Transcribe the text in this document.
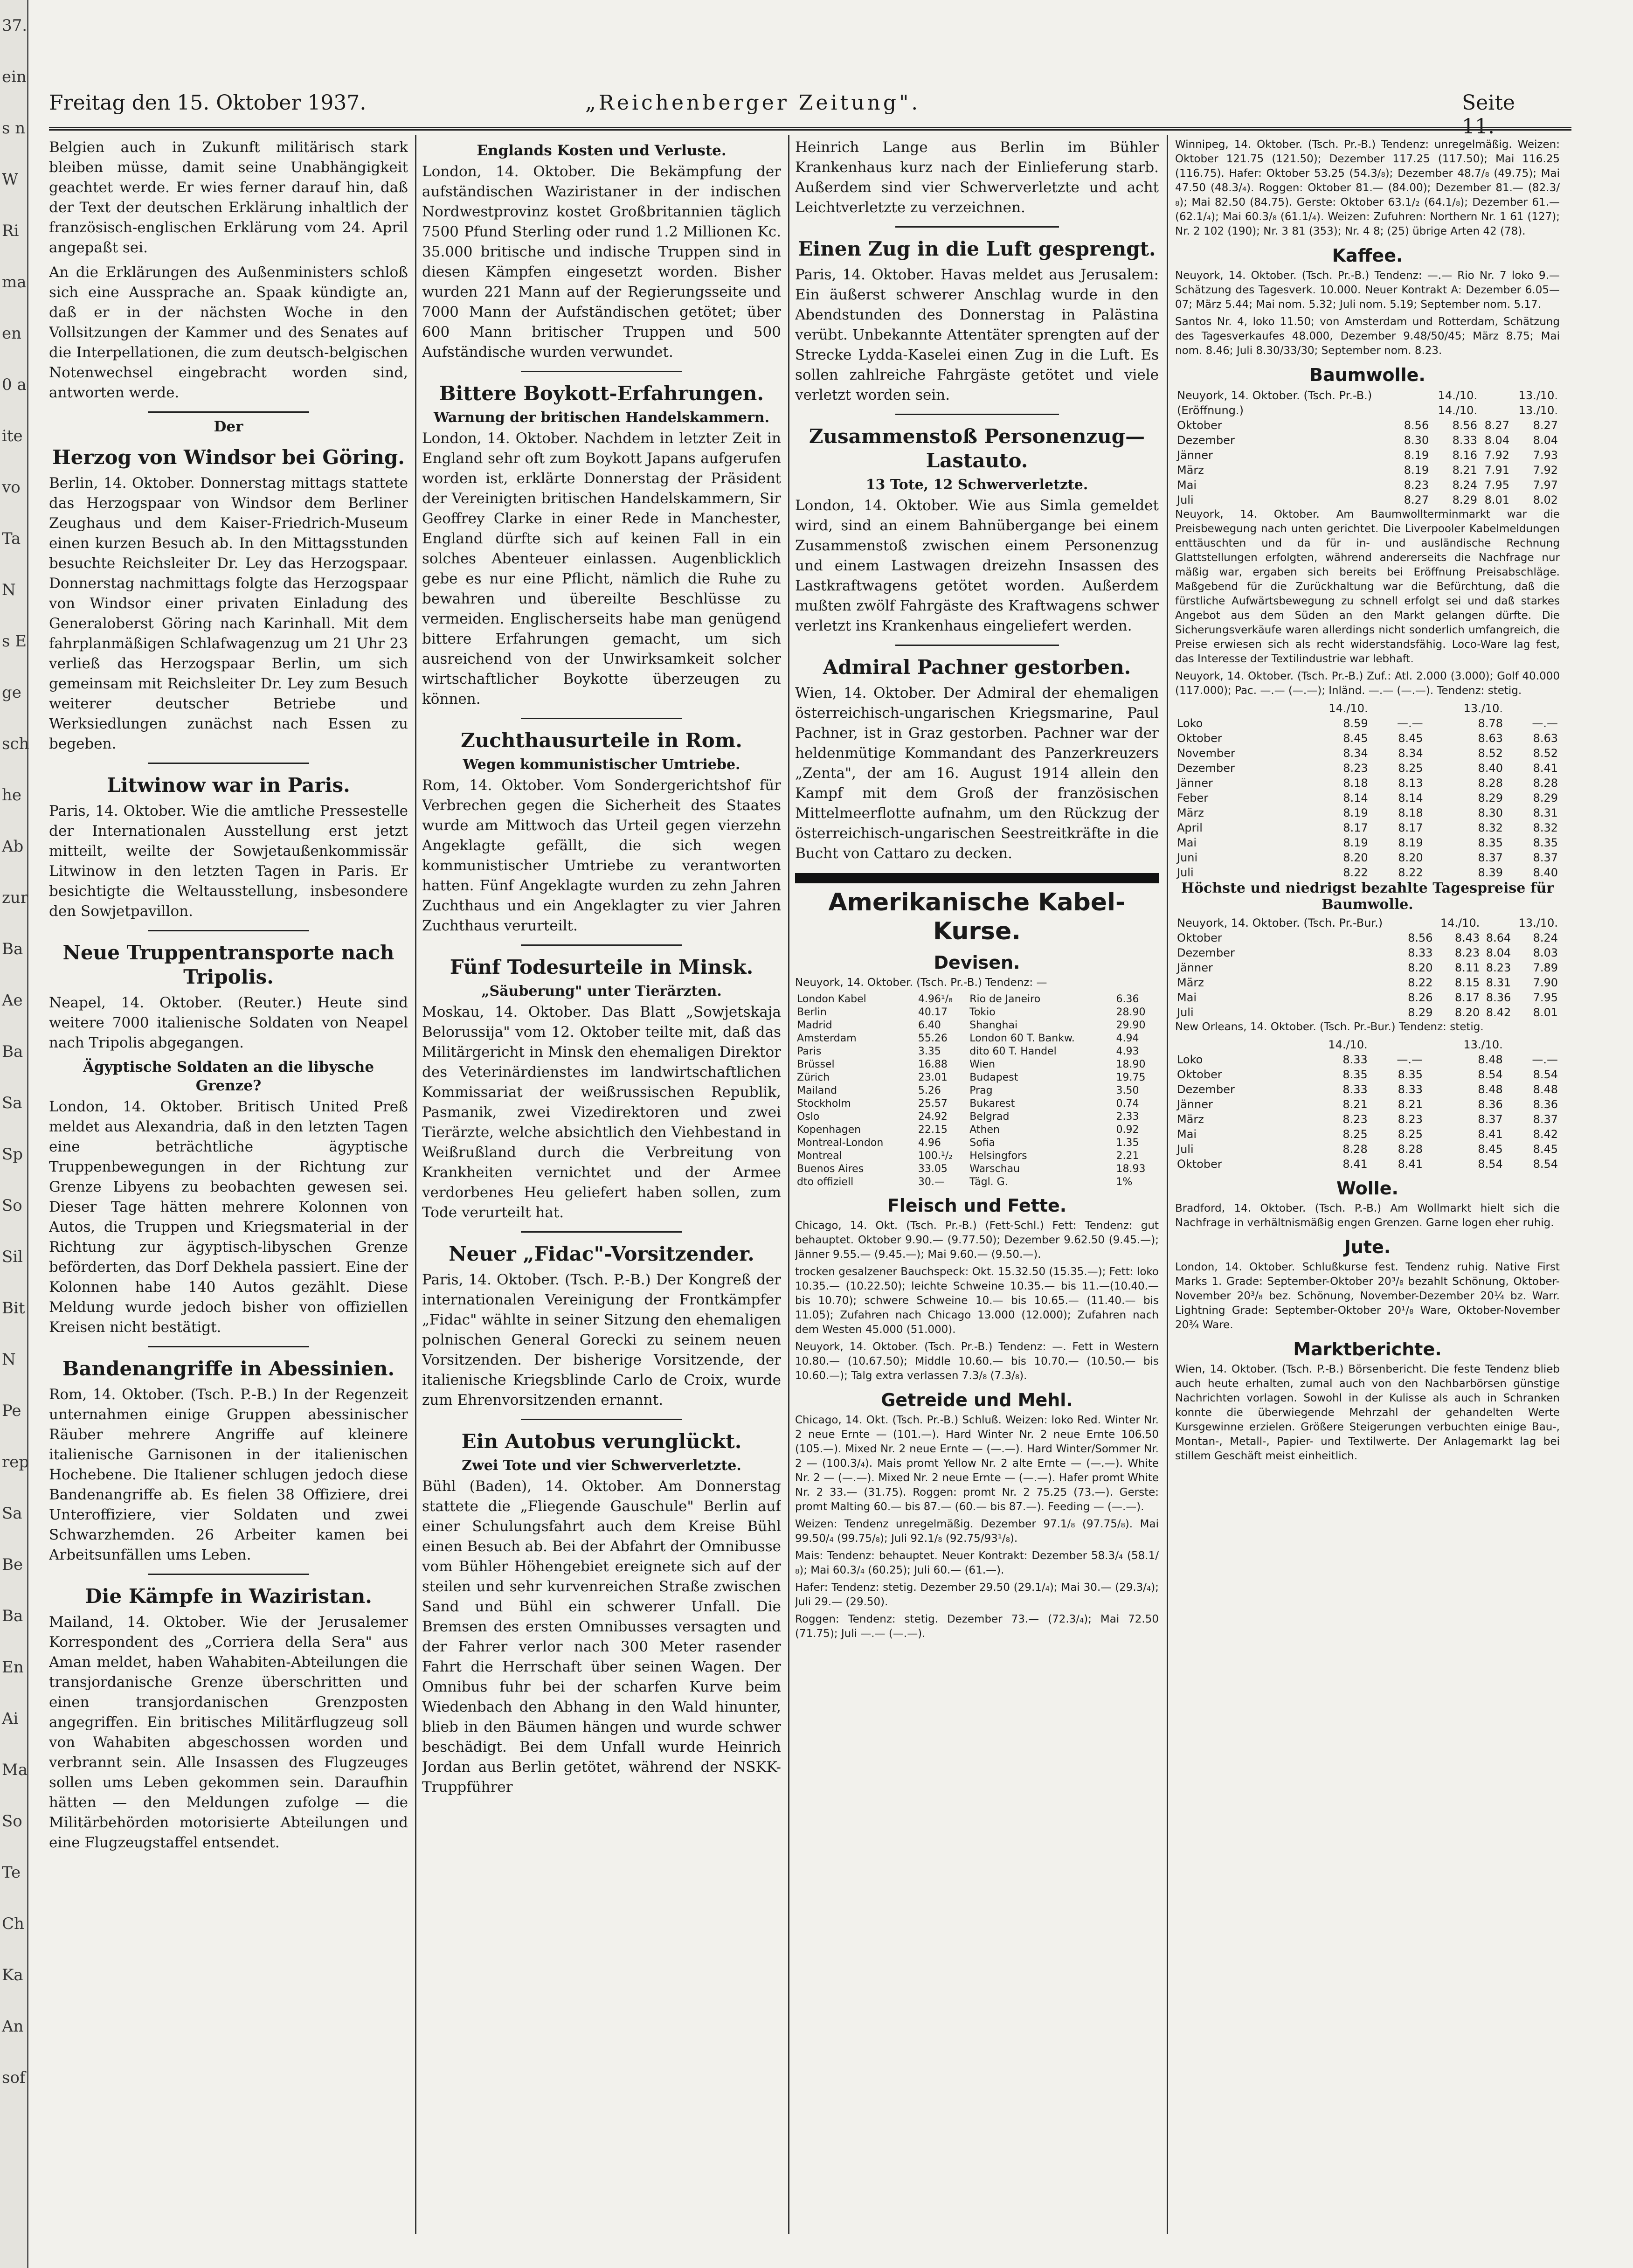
37.
ein
s n
W
Ri
ma
en
0 a
ite
vo
Ta
N
s E
ge
sch
he
Ab
zur
Ba
Ae
Ba
Sa
Sp
So
Sil
Bit
N
Pe
rep
Sa
Be
Ba
En
Ai
Ma
So
Te
Ch
Ka
An
sof
Freitag den 15. Oktober 1937.	„Reichenberger Zeitung".	Seite 11.

Belgien auch in Zukunft militärisch stark bleiben müsse, damit seine Unabhängigkeit geachtet werde. Er wies ferner darauf hin, daß der Text der deutschen Erklärung inhaltlich der französisch-englischen Erklärung vom 24. April angepaßt sei.

An die Erklärungen des Außenministers schloß sich eine Aussprache an. Spaak kündigte an, daß er in der nächsten Woche in den Vollsitzungen der Kammer und des Senates auf die Interpellationen, die zum deutsch-belgischen Notenwechsel eingebracht worden sind, antworten werde.

Der
Herzog von Windsor bei Göring.

Berlin, 14. Oktober. Donnerstag mittags stattete das Herzogspaar von Windsor dem Berliner Zeughaus und dem Kaiser-Friedrich-Museum einen kurzen Besuch ab. In den Mittagsstunden besuchte Reichsleiter Dr. Ley das Herzogspaar. Donnerstag nachmittags folgte das Herzogspaar von Windsor einer privaten Einladung des Generaloberst Göring nach Karinhall. Mit dem fahrplanmäßigen Schlafwagenzug um 21 Uhr 23 verließ das Herzogspaar Berlin, um sich gemeinsam mit Reichsleiter Dr. Ley zum Besuch weiterer deutscher Betriebe und Werksiedlungen zunächst nach Essen zu begeben.

Litwinow war in Paris.

Paris, 14. Oktober. Wie die amtliche Pressestelle der Internationalen Ausstellung erst jetzt mitteilt, weilte der Sowjetaußenkommissär Litwinow in den letzten Tagen in Paris. Er besichtigte die Weltausstellung, insbesondere den Sowjetpavillon.

Neue Truppentransporte nach Tripolis.

Neapel, 14. Oktober. (Reuter.) Heute sind weitere 7000 italienische Soldaten von Neapel nach Tripolis abgegangen.

Ägyptische Soldaten an die libysche Grenze?

London, 14. Oktober. Britisch United Preß meldet aus Alexandria, daß in den letzten Tagen eine beträchtliche ägyptische Truppenbewegungen in der Richtung zur Grenze Libyens zu beobachten gewesen sei. Dieser Tage hätten mehrere Kolonnen von Autos, die Truppen und Kriegsmaterial in der Richtung zur ägyptisch-libyschen Grenze beförderten, das Dorf Dekhela passiert. Eine der Kolonnen habe 140 Autos gezählt. Diese Meldung wurde jedoch bisher von offiziellen Kreisen nicht bestätigt.

Bandenangriffe in Abessinien.

Rom, 14. Oktober. (Tsch. P.-B.) In der Regenzeit unternahmen einige Gruppen abessinischer Räuber mehrere Angriffe auf kleinere italienische Garnisonen in der italienischen Hochebene. Die Italiener schlugen jedoch diese Bandenangriffe ab. Es fielen 38 Offiziere, drei Unteroffiziere, vier Soldaten und zwei Schwarzhemden. 26 Arbeiter kamen bei Arbeitsunfällen ums Leben.

Die Kämpfe in Waziristan.

Mailand, 14. Oktober. Wie der Jerusalemer Korrespondent des „Corriera della Sera" aus Aman meldet, haben Wahabiten-Abteilungen die transjordanische Grenze überschritten und einen transjordanischen Grenzposten angegriffen. Ein britisches Militärflugzeug soll von Wahabiten abgeschossen worden und verbrannt sein. Alle Insassen des Flugzeuges sollen ums Leben gekommen sein. Daraufhin hätten — den Meldungen zufolge — die Militärbehörden motorisierte Abteilungen und eine Flugzeugstaffel entsendet.

Englands Kosten und Verluste.

London, 14. Oktober. Die Bekämpfung der aufständischen Waziristaner in der indischen Nordwestprovinz kostet Großbritannien täglich 7500 Pfund Sterling oder rund 1.2 Millionen Kc. 35.000 britische und indische Truppen sind in diesen Kämpfen eingesetzt worden. Bisher wurden 221 Mann auf der Regierungsseite und 7000 Mann der Aufständischen getötet; über 600 Mann britischer Truppen und 500 Aufständische wurden verwundet.

Bittere Boykott-Erfahrungen.
Warnung der britischen Handelskammern.

London, 14. Oktober. Nachdem in letzter Zeit in England sehr oft zum Boykott Japans aufgerufen worden ist, erklärte Donnerstag der Präsident der Vereinigten britischen Handelskammern, Sir Geoffrey Clarke in einer Rede in Manchester, England dürfte sich auf keinen Fall in ein solches Abenteuer einlassen. Augenblicklich gebe es nur eine Pflicht, nämlich die Ruhe zu bewahren und übereilte Beschlüsse zu vermeiden. Englischerseits habe man genügend bittere Erfahrungen gemacht, um sich ausreichend von der Unwirksamkeit solcher wirtschaftlicher Boykotte überzeugen zu können.

Zuchthausurteile in Rom.
Wegen kommunistischer Umtriebe.

Rom, 14. Oktober. Vom Sondergerichtshof für Verbrechen gegen die Sicherheit des Staates wurde am Mittwoch das Urteil gegen vierzehn Angeklagte gefällt, die sich wegen kommunistischer Umtriebe zu verantworten hatten. Fünf Angeklagte wurden zu zehn Jahren Zuchthaus und ein Angeklagter zu vier Jahren Zuchthaus verurteilt.

Fünf Todesurteile in Minsk.
„Säuberung" unter Tierärzten.

Moskau, 14. Oktober. Das Blatt „Sowjetskaja Belorussija" vom 12. Oktober teilte mit, daß das Militärgericht in Minsk den ehemaligen Direktor des Veterinärdienstes im landwirtschaftlichen Kommissariat der weißrussischen Republik, Pasmanik, zwei Vizedirektoren und zwei Tierärzte, welche absichtlich den Viehbestand in Weißrußland durch die Verbreitung von Krankheiten vernichtet und der Armee verdorbenes Heu geliefert haben sollen, zum Tode verurteilt hat.

Neuer „Fidac"-Vorsitzender.

Paris, 14. Oktober. (Tsch. P.-B.) Der Kongreß der internationalen Vereinigung der Frontkämpfer „Fidac" wählte in seiner Sitzung den ehemaligen polnischen General Gorecki zu seinem neuen Vorsitzenden. Der bisherige Vorsitzende, der italienische Kriegsblinde Carlo de Croix, wurde zum Ehrenvorsitzenden ernannt.

Ein Autobus verunglückt.
Zwei Tote und vier Schwerverletzte.

Bühl (Baden), 14. Oktober. Am Donnerstag stattete die „Fliegende Gauschule" Berlin auf einer Schulungsfahrt auch dem Kreise Bühl einen Besuch ab. Bei der Abfahrt der Omnibusse vom Bühler Höhengebiet ereignete sich auf der steilen und sehr kurvenreichen Straße zwischen Sand und Bühl ein schwerer Unfall. Die Bremsen des ersten Omnibusses versagten und der Fahrer verlor nach 300 Meter rasender Fahrt die Herrschaft über seinen Wagen. Der Omnibus fuhr bei der scharfen Kurve beim Wiedenbach den Abhang in den Wald hinunter, blieb in den Bäumen hängen und wurde schwer beschädigt. Bei dem Unfall wurde Heinrich Jordan aus Berlin getötet, während der NSKK-Truppführer

Heinrich Lange aus Berlin im Bühler Krankenhaus kurz nach der Einlieferung starb. Außerdem sind vier Schwerverletzte und acht Leichtverletzte zu verzeichnen.

Einen Zug in die Luft gesprengt.

Paris, 14. Oktober. Havas meldet aus Jerusalem: Ein äußerst schwerer Anschlag wurde in den Abendstunden des Donnerstag in Palästina verübt. Unbekannte Attentäter sprengten auf der Strecke Lydda-Kaselei einen Zug in die Luft. Es sollen zahlreiche Fahrgäste getötet und viele verletzt worden sein.

Zusammenstoß Personenzug—Lastauto.
13 Tote, 12 Schwerverletzte.

London, 14. Oktober. Wie aus Simla gemeldet wird, sind an einem Bahnübergange bei einem Zusammenstoß zwischen einem Personenzug und einem Lastwagen dreizehn Insassen des Lastkraftwagens getötet worden. Außerdem mußten zwölf Fahrgäste des Kraftwagens schwer verletzt ins Krankenhaus eingeliefert werden.

Admiral Pachner gestorben.

Wien, 14. Oktober. Der Admiral der ehemaligen österreichisch-ungarischen Kriegsmarine, Paul Pachner, ist in Graz gestorben. Pachner war der heldenmütige Kommandant des Panzerkreuzers „Zenta", der am 16. August 1914 allein den Kampf mit dem Groß der französischen Mittelmeerflotte aufnahm, um den Rückzug der österreichisch-ungarischen Seestreitkräfte in die Bucht von Cattaro zu decken.

Amerikanische Kabel-Kurse.
Devisen.
Neuyork, 14. Oktober. (Tsch. Pr.-B.) Tendenz: —
London Kabel	4.96¹/₈	Rio de Janeiro	6.36
Berlin	40.17	Tokio	28.90
Madrid	6.40	Shanghai	29.90
Amsterdam	55.26	London 60 T. Bankw.	4.94
Paris	3.35	dito 60 T. Handel	4.93
Brüssel	16.88	Wien	18.90
Zürich	23.01	Budapest	19.75
Mailand	5.26	Prag	3.50
Stockholm	25.57	Bukarest	0.74
Oslo	24.92	Belgrad	2.33
Kopenhagen	22.15	Athen	0.92
Montreal-London	4.96	Sofia	1.35
Montreal	100.¹/₂	Helsingfors	2.21
Buenos Aires	33.05	Warschau	18.93
dto offiziell	30.—	Tägl. G.	1%
Fleisch und Fette.

Chicago, 14. Okt. (Tsch. Pr.-B.) (Fett-Schl.) Fett: Tendenz: gut behauptet. Oktober 9.90.— (9.77.50); Dezember 9.62.50 (9.45.—); Jänner 9.55.— (9.45.—); Mai 9.60.— (9.50.—).

trocken gesalzener Bauchspeck: Okt. 15.32.50 (15.35.—); Fett: loko 10.35.— (10.22.50); leichte Schweine 10.35.— bis 11.—(10.40.— bis 10.70); schwere Schweine 10.— bis 10.65.— (11.40.— bis 11.05); Zufahren nach Chicago 13.000 (12.000); Zufahren nach dem Westen 45.000 (51.000).

Neuyork, 14. Oktober. (Tsch. Pr.-B.) Tendenz: —. Fett in Western 10.80.— (10.67.50); Middle 10.60.— bis 10.70.— (10.50.— bis 10.60.—); Talg extra verlassen 7.3/₈ (7.3/₈).

Getreide und Mehl.

Chicago, 14. Okt. (Tsch. Pr.-B.) Schluß. Weizen: loko Red. Winter Nr. 2 neue Ernte — (101.—). Hard Winter Nr. 2 neue Ernte 106.50 (105.—). Mixed Nr. 2 neue Ernte — (—.—). Hard Winter/Sommer Nr. 2 — (100.3/₄). Mais promt Yellow Nr. 2 alte Ernte — (—.—). White Nr. 2 — (—.—). Mixed Nr. 2 neue Ernte — (—.—). Hafer promt White Nr. 2 33.— (31.75). Roggen: promt Nr. 2 75.25 (73.—). Gerste: promt Malting 60.— bis 87.— (60.— bis 87.—). Feeding — (—.—).

Weizen: Tendenz unregelmäßig. Dezember 97.1/₈ (97.75/₈). Mai 99.50/₄ (99.75/₈); Juli 92.1/₈ (92.75/93¹/₈).

Mais: Tendenz: behauptet. Neuer Kontrakt: Dezember 58.3/₄ (58.1/₈); Mai 60.3/₄ (60.25); Juli 60.— (61.—).

Hafer: Tendenz: stetig. Dezember 29.50 (29.1/₄); Mai 30.— (29.3/₄); Juli 29.— (29.50).

Roggen: Tendenz: stetig. Dezember 73.— (72.3/₄); Mai 72.50 (71.75); Juli —.— (—.—).

Winnipeg, 14. Oktober. (Tsch. Pr.-B.) Tendenz: unregelmäßig. Weizen: Oktober 121.75 (121.50); Dezember 117.25 (117.50); Mai 116.25 (116.75). Hafer: Oktober 53.25 (54.3/₈); Dezember 48.7/₈ (49.75); Mai 47.50 (48.3/₄). Roggen: Oktober 81.— (84.00); Dezember 81.— (82.3/₈); Mai 82.50 (84.75). Gerste: Oktober 63.1/₂ (64.1/₈); Dezember 61.— (62.1/₄); Mai 60.3/₈ (61.1/₄). Weizen: Zufuhren: Northern Nr. 1 61 (127); Nr. 2 102 (190); Nr. 3 81 (353); Nr. 4 8; (25) übrige Arten 42 (78).

Kaffee.

Neuyork, 14. Oktober. (Tsch. Pr.-B.) Tendenz: —.— Rio Nr. 7 loko 9.— Schätzung des Tagesverk. 10.000. Neuer Kontrakt A: Dezember 6.05—07; März 5.44; Mai nom. 5.32; Juli nom. 5.19; September nom. 5.17.

Santos Nr. 4, loko 11.50; von Amsterdam und Rotterdam, Schätzung des Tagesverkaufes 48.000, Dezember 9.48/50/45; März 8.75; Mai nom. 8.46; Juli 8.30/33/30; September nom. 8.23.

Baumwolle.
Neuyork, 14. Oktober. (Tsch. Pr.-B.)		14./10.		13./10.
(Eröffnung.)		14./10.		13./10.
Oktober	8.56	8.56	8.27	8.27
Dezember	8.30	8.33	8.04	8.04
Jänner	8.19	8.16	7.92	7.93
März	8.19	8.21	7.91	7.92
Mai	8.23	8.24	7.95	7.97
Juli	8.27	8.29	8.01	8.02

Neuyork, 14. Oktober. Am Baumwollterminmarkt war die Preisbewegung nach unten gerichtet. Die Liverpooler Kabelmeldungen enttäuschten und da für in- und ausländische Rechnung Glattstellungen erfolgten, während andererseits die Nachfrage nur mäßig war, ergaben sich bereits bei Eröffnung Preisabschläge. Maßgebend für die Zurückhaltung war die Befürchtung, daß die fürstliche Aufwärtsbewegung zu schnell erfolgt sei und daß starkes Angebot aus dem Süden an den Markt gelangen dürfte. Die Sicherungsverkäufe waren allerdings nicht sonderlich umfangreich, die Preise erwiesen sich als recht widerstandsfähig. Loco-Ware lag fest, das Interesse der Textilindustrie war lebhaft.

Neuyork, 14. Oktober. (Tsch. Pr.-B.) Zuf.: Atl. 2.000 (3.000); Golf 40.000 (117.000); Pac. —.— (—.—); Inländ. —.— (—.—). Tendenz: stetig.

	14./10.		13./10.	
Loko	8.59	—.—	8.78	—.—
Oktober	8.45	8.45	8.63	8.63
November	8.34	8.34	8.52	8.52
Dezember	8.23	8.25	8.40	8.41
Jänner	8.18	8.13	8.28	8.28
Feber	8.14	8.14	8.29	8.29
März	8.19	8.18	8.30	8.31
April	8.17	8.17	8.32	8.32
Mai	8.19	8.19	8.35	8.35
Juni	8.20	8.20	8.37	8.37
Juli	8.22	8.22	8.39	8.40
Höchste und niedrigst bezahlte Tagespreise für Baumwolle.
Neuyork, 14. Oktober. (Tsch. Pr.-Bur.)		14./10.		13./10.
Oktober	8.56	8.43	8.64	8.24
Dezember	8.33	8.23	8.04	8.03
Jänner	8.20	8.11	8.23	7.89
März	8.22	8.15	8.31	7.90
Mai	8.26	8.17	8.36	7.95
Juli	8.29	8.20	8.42	8.01

New Orleans, 14. Oktober. (Tsch. Pr.-Bur.) Tendenz: stetig.

	14./10.		13./10.	
Loko	8.33	—.—	8.48	—.—
Oktober	8.35	8.35	8.54	8.54
Dezember	8.33	8.33	8.48	8.48
Jänner	8.21	8.21	8.36	8.36
März	8.23	8.23	8.37	8.37
Mai	8.25	8.25	8.41	8.42
Juli	8.28	8.28	8.45	8.45
Oktober	8.41	8.41	8.54	8.54
Wolle.

Bradford, 14. Oktober. (Tsch. P.-B.) Am Wollmarkt hielt sich die Nachfrage in verhältnismäßig engen Grenzen. Garne logen eher ruhig.

Jute.

London, 14. Oktober. Schlußkurse fest. Tendenz ruhig. Native First Marks 1. Grade: September-Oktober 20³/₈ bezahlt Schönung, Oktober-November 20³/₈ bez. Schönung, November-Dezember 20¼ bz. Warr. Lightning Grade: September-Oktober 20¹/₈ Ware, Oktober-November 20¾ Ware.

Marktberichte.

Wien, 14. Oktober. (Tsch. P.-B.) Börsenbericht. Die feste Tendenz blieb auch heute erhalten, zumal auch von den Nachbarbörsen günstige Nachrichten vorlagen. Sowohl in der Kulisse als auch in Schranken konnte die überwiegende Mehrzahl der gehandelten Werte Kursgewinne erzielen. Größere Steigerungen verbuchten einige Bau-, Montan-, Metall-, Papier- und Textilwerte. Der Anlagemarkt lag bei stillem Geschäft meist einheitlich.
